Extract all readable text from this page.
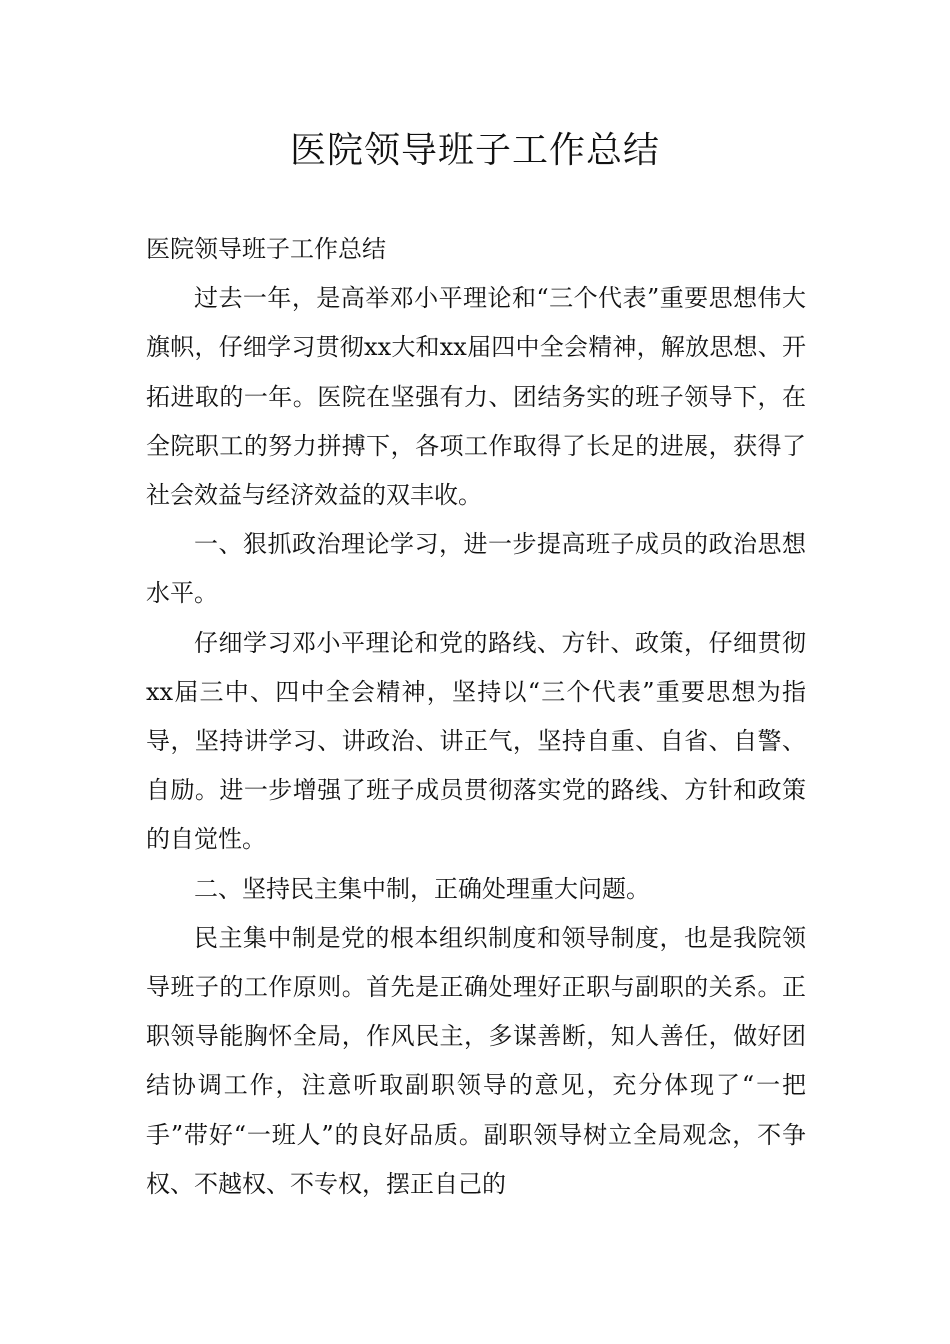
医院领导班子工作总结

医院领导班子工作总结

过去一年，是高举邓小平理论和“三个代表”重要思想伟大旗帜，仔细学习贯彻xx大和xx届四中全会精神，解放思想、开拓进取的一年。医院在坚强有力、团结务实的班子领导下，在全院职工的努力拼搏下，各项工作取得了长足的进展，获得了社会效益与经济效益的双丰收。

一、狠抓政治理论学习，进一步提高班子成员的政治思想水平。

仔细学习邓小平理论和党的路线、方针、政策，仔细贯彻xx届三中、四中全会精神，坚持以“三个代表”重要思想为指导，坚持讲学习、讲政治、讲正气，坚持自重、自省、自警、自励。进一步增强了班子成员贯彻落实党的路线、方针和政策的自觉性。

二、坚持民主集中制，正确处理重大问题。

民主集中制是党的根本组织制度和领导制度，也是我院领导班子的工作原则。首先是正确处理好正职与副职的关系。正职领导能胸怀全局，作风民主，多谋善断，知人善任，做好团结协调工作，注意听取副职领导的意见，充分体现了“一把手”带好“一班人”的良好品质。副职领导树立全局观念，不争权、不越权、不专权，摆正自己的
